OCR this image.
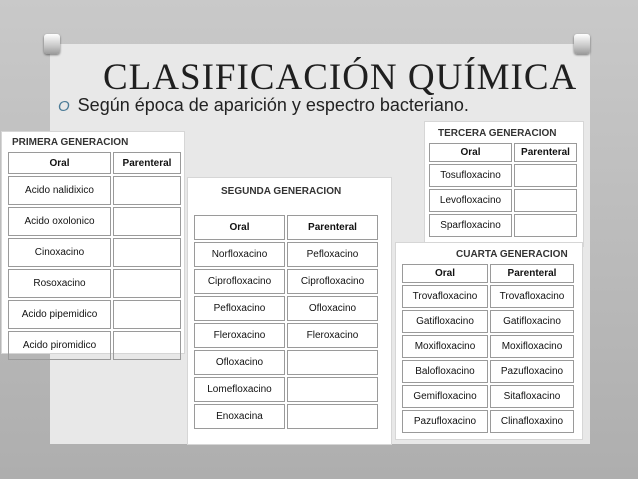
CLASIFICACIÓN QUÍMICA
O Según época de aparición y espectro bacteriano.
PRIMERA GENERACION
Oral	Parenteral
Acido nalidixico	
Acido oxolonico	
Cinoxacino	
Rosoxacino	
Acido pipemidico	
Acido piromidico	
SEGUNDA GENERACION
Oral	Parenteral
Norfloxacino	Pefloxacino
Ciprofloxacino	Ciprofloxacino
Pefloxacino	Ofloxacino
Fleroxacino	Fleroxacino
Ofloxacino	
Lomefloxacino	
Enoxacina	
TERCERA GENERACION
Oral	Parenteral
Tosufloxacino	
Levofloxacino	
Sparfloxacino	
CUARTA GENERACION
Oral	Parenteral
Trovafloxacino	Trovafloxacino
Gatifloxacino	Gatifloxacino
Moxifloxacino	Moxifloxacino
Balofloxacino	Pazufloxacino
Gemifloxacino	Sitafloxacino
Pazufloxacino	Clinafloxaxino
